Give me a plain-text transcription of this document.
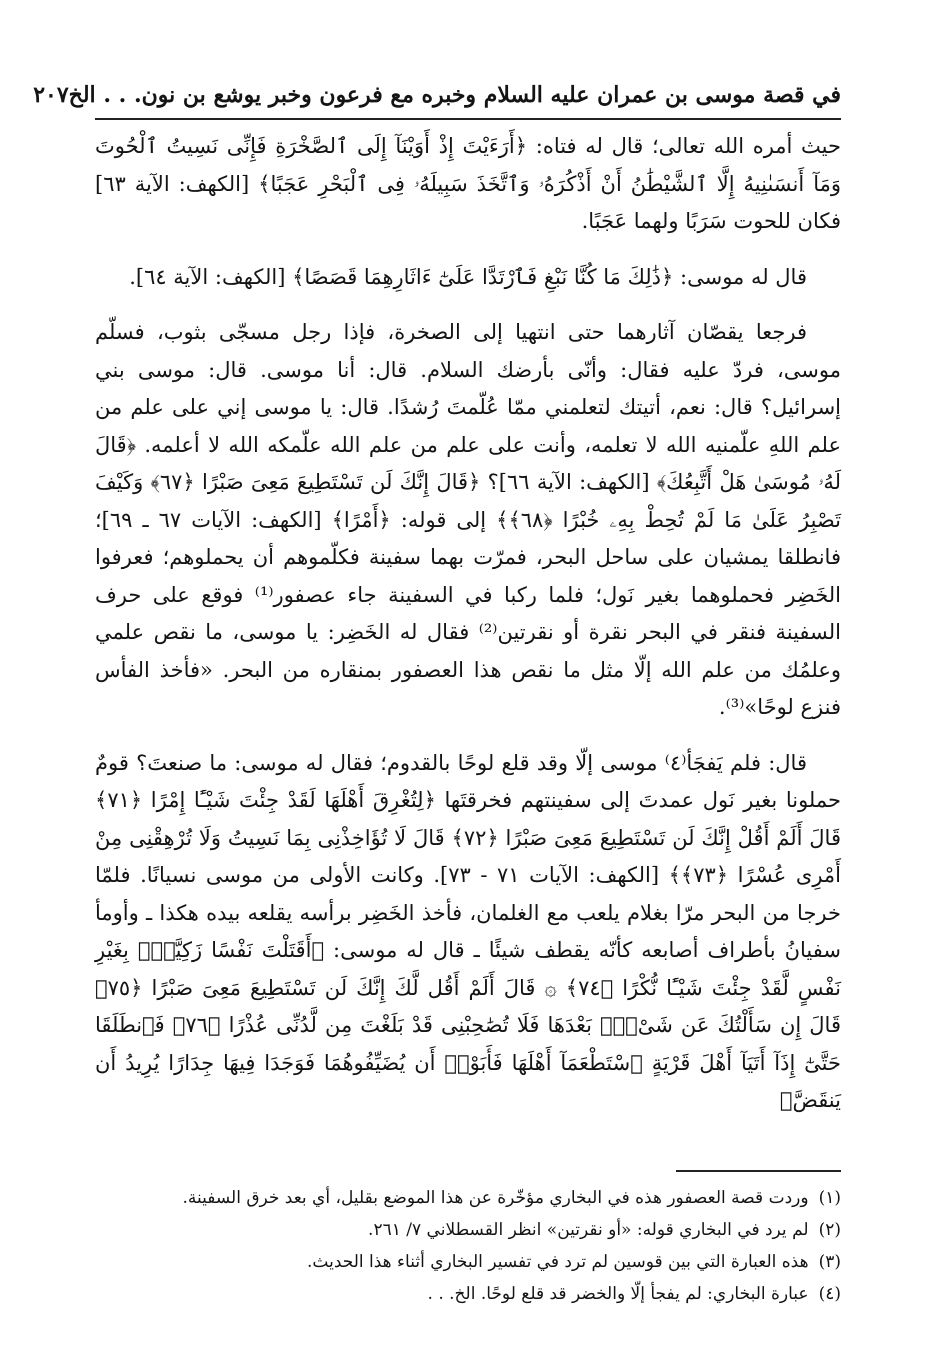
في قصة موسى بن عمران عليه السلام وخبره مع فرعون وخبر يوشع بن نون. . . الخ
٢٠٧

حيث أمره الله تعالى؛ قال له فتاه: ﴿أَرَءَيْتَ إِذْ أَوَيْنَآ إِلَى ٱلصَّخْرَةِ فَإِنِّى نَسِيتُ ٱلْحُوتَ وَمَآ أَنسَىٰنِيهُ إِلَّا ٱلشَّيْطَٰنُ أَنْ أَذْكُرَهُۥ وَٱتَّخَذَ سَبِيلَهُۥ فِى ٱلْبَحْرِ عَجَبًا﴾ [الكهف: الآية ٦٣] فكان للحوت سَرَبًا ولهما عَجَبًا.

قال له موسى: ﴿ذَٰلِكَ مَا كُنَّا نَبْغِ فَٱرْتَدَّا عَلَىٰٓ ءَاثَارِهِمَا قَصَصًا﴾ [الكهف: الآية ٦٤].

فرجعا يقصّان آثارهما حتى انتهيا إلى الصخرة، فإذا رجل مسجّى بثوب، فسلّم موسى، فردّ عليه فقال: وأنّى بأرضك السلام. قال: أنا موسى. قال: موسى بني إسرائيل؟ قال: نعم، أتيتك لتعلمني ممّا عُلّمتَ رُشدًا. قال: يا موسى إني على علم من علم اللهِ علّمنيه الله لا تعلمه، وأنت على علم من علم الله علّمكه الله لا أعلمه. ﴿قَالَ لَهُۥ مُوسَىٰ هَلْ أَتَّبِعُكَ﴾ [الكهف: الآية ٦٦]؟ ﴿قَالَ إِنَّكَ لَن تَسْتَطِيعَ مَعِىَ صَبْرًا ﴿٦٧﴾ وَكَيْفَ تَصْبِرُ عَلَىٰ مَا لَمْ تُحِطْ بِهِۦ خُبْرًا ﴿٦٨﴾﴾ إلى قوله: ﴿أَمْرًا﴾ [الكهف: الآيات ٦٧ ـ ٦٩]؛ فانطلقا يمشيان على ساحل البحر، فمرّت بهما سفينة فكلّموهم أن يحملوهم؛ فعرفوا الخَضِر فحملوهما بغير نَول؛ فلما ركبا في السفينة جاء عصفور⁽¹⁾ فوقع على حرف السفينة فنقر في البحر نقرة أو نقرتين⁽²⁾ فقال له الخَضِر: يا موسى، ما نقص علمي وعلمُك من علم الله إلّا مثل ما نقص هذا العصفور بمنقاره من البحر. «فأخذ الفأس فنزع لوحًا»⁽³⁾.

قال: فلم يَفجَأ⁽٤⁾ موسى إلّا وقد قلع لوحًا بالقدوم؛ فقال له موسى: ما صنعتَ؟ قومٌ حملونا بغير نَول عمدتَ إلى سفينتهم فخرقتَها ﴿لِتُغْرِقَ أَهْلَهَا لَقَدْ جِئْتَ شَيْـًٔا إِمْرًا ﴿٧١﴾ قَالَ أَلَمْ أَقُلْ إِنَّكَ لَن تَسْتَطِيعَ مَعِىَ صَبْرًا ﴿٧٢﴾ قَالَ لَا تُؤَاخِذْنِى بِمَا نَسِيتُ وَلَا تُرْهِقْنِى مِنْ أَمْرِى عُسْرًا ﴿٧٣﴾﴾ [الكهف: الآيات ٧١ - ٧٣]. وكانت الأولى من موسى نسيانًا. فلمّا خرجا من البحر مرّا بغلام يلعب مع الغلمان، فأخذ الخَضِر برأسه يقلعه بيده هكذا ـ وأومأ سفيانُ بأطراف أصابعه كأنّه يقطف شيئًا ـ قال له موسى: ﴿أَقَتَلْتَ نَفْسًا زَكِيَّةًۢ بِغَيْرِ نَفْسٍ لَّقَدْ جِئْتَ شَيْـًٔا نُّكْرًا ﴿٧٤﴾ ۞ قَالَ أَلَمْ أَقُل لَّكَ إِنَّكَ لَن تَسْتَطِيعَ مَعِىَ صَبْرًا ﴿٧٥﴾ قَالَ إِن سَأَلْتُكَ عَن شَىْءٍۭ بَعْدَهَا فَلَا تُصَٰحِبْنِى قَدْ بَلَغْتَ مِن لَّدُنِّى عُذْرًا ﴿٧٦﴾ فَٱنطَلَقَا حَتَّىٰٓ إِذَآ أَتَيَآ أَهْلَ قَرْيَةٍ ٱسْتَطْعَمَآ أَهْلَهَا فَأَبَوْا۟ أَن يُضَيِّفُوهُمَا فَوَجَدَا فِيهَا جِدَارًا يُرِيدُ أَن يَنقَضَّ﴾

(١)
وردت قصة العصفور هذه في البخاري مؤخّرة عن هذا الموضع بقليل، أي بعد خرق السفينة.
(٢)
لم يرد في البخاري قوله: «أو نقرتين» انظر القسطلاني ٧/ ٢٦١.
(٣)
هذه العبارة التي بين قوسين لم ترد في تفسير البخاري أثناء هذا الحديث.
(٤)
عبارة البخاري: لم يفجأ إلّا والخضر قد قلع لوحًا. الخ. . .
